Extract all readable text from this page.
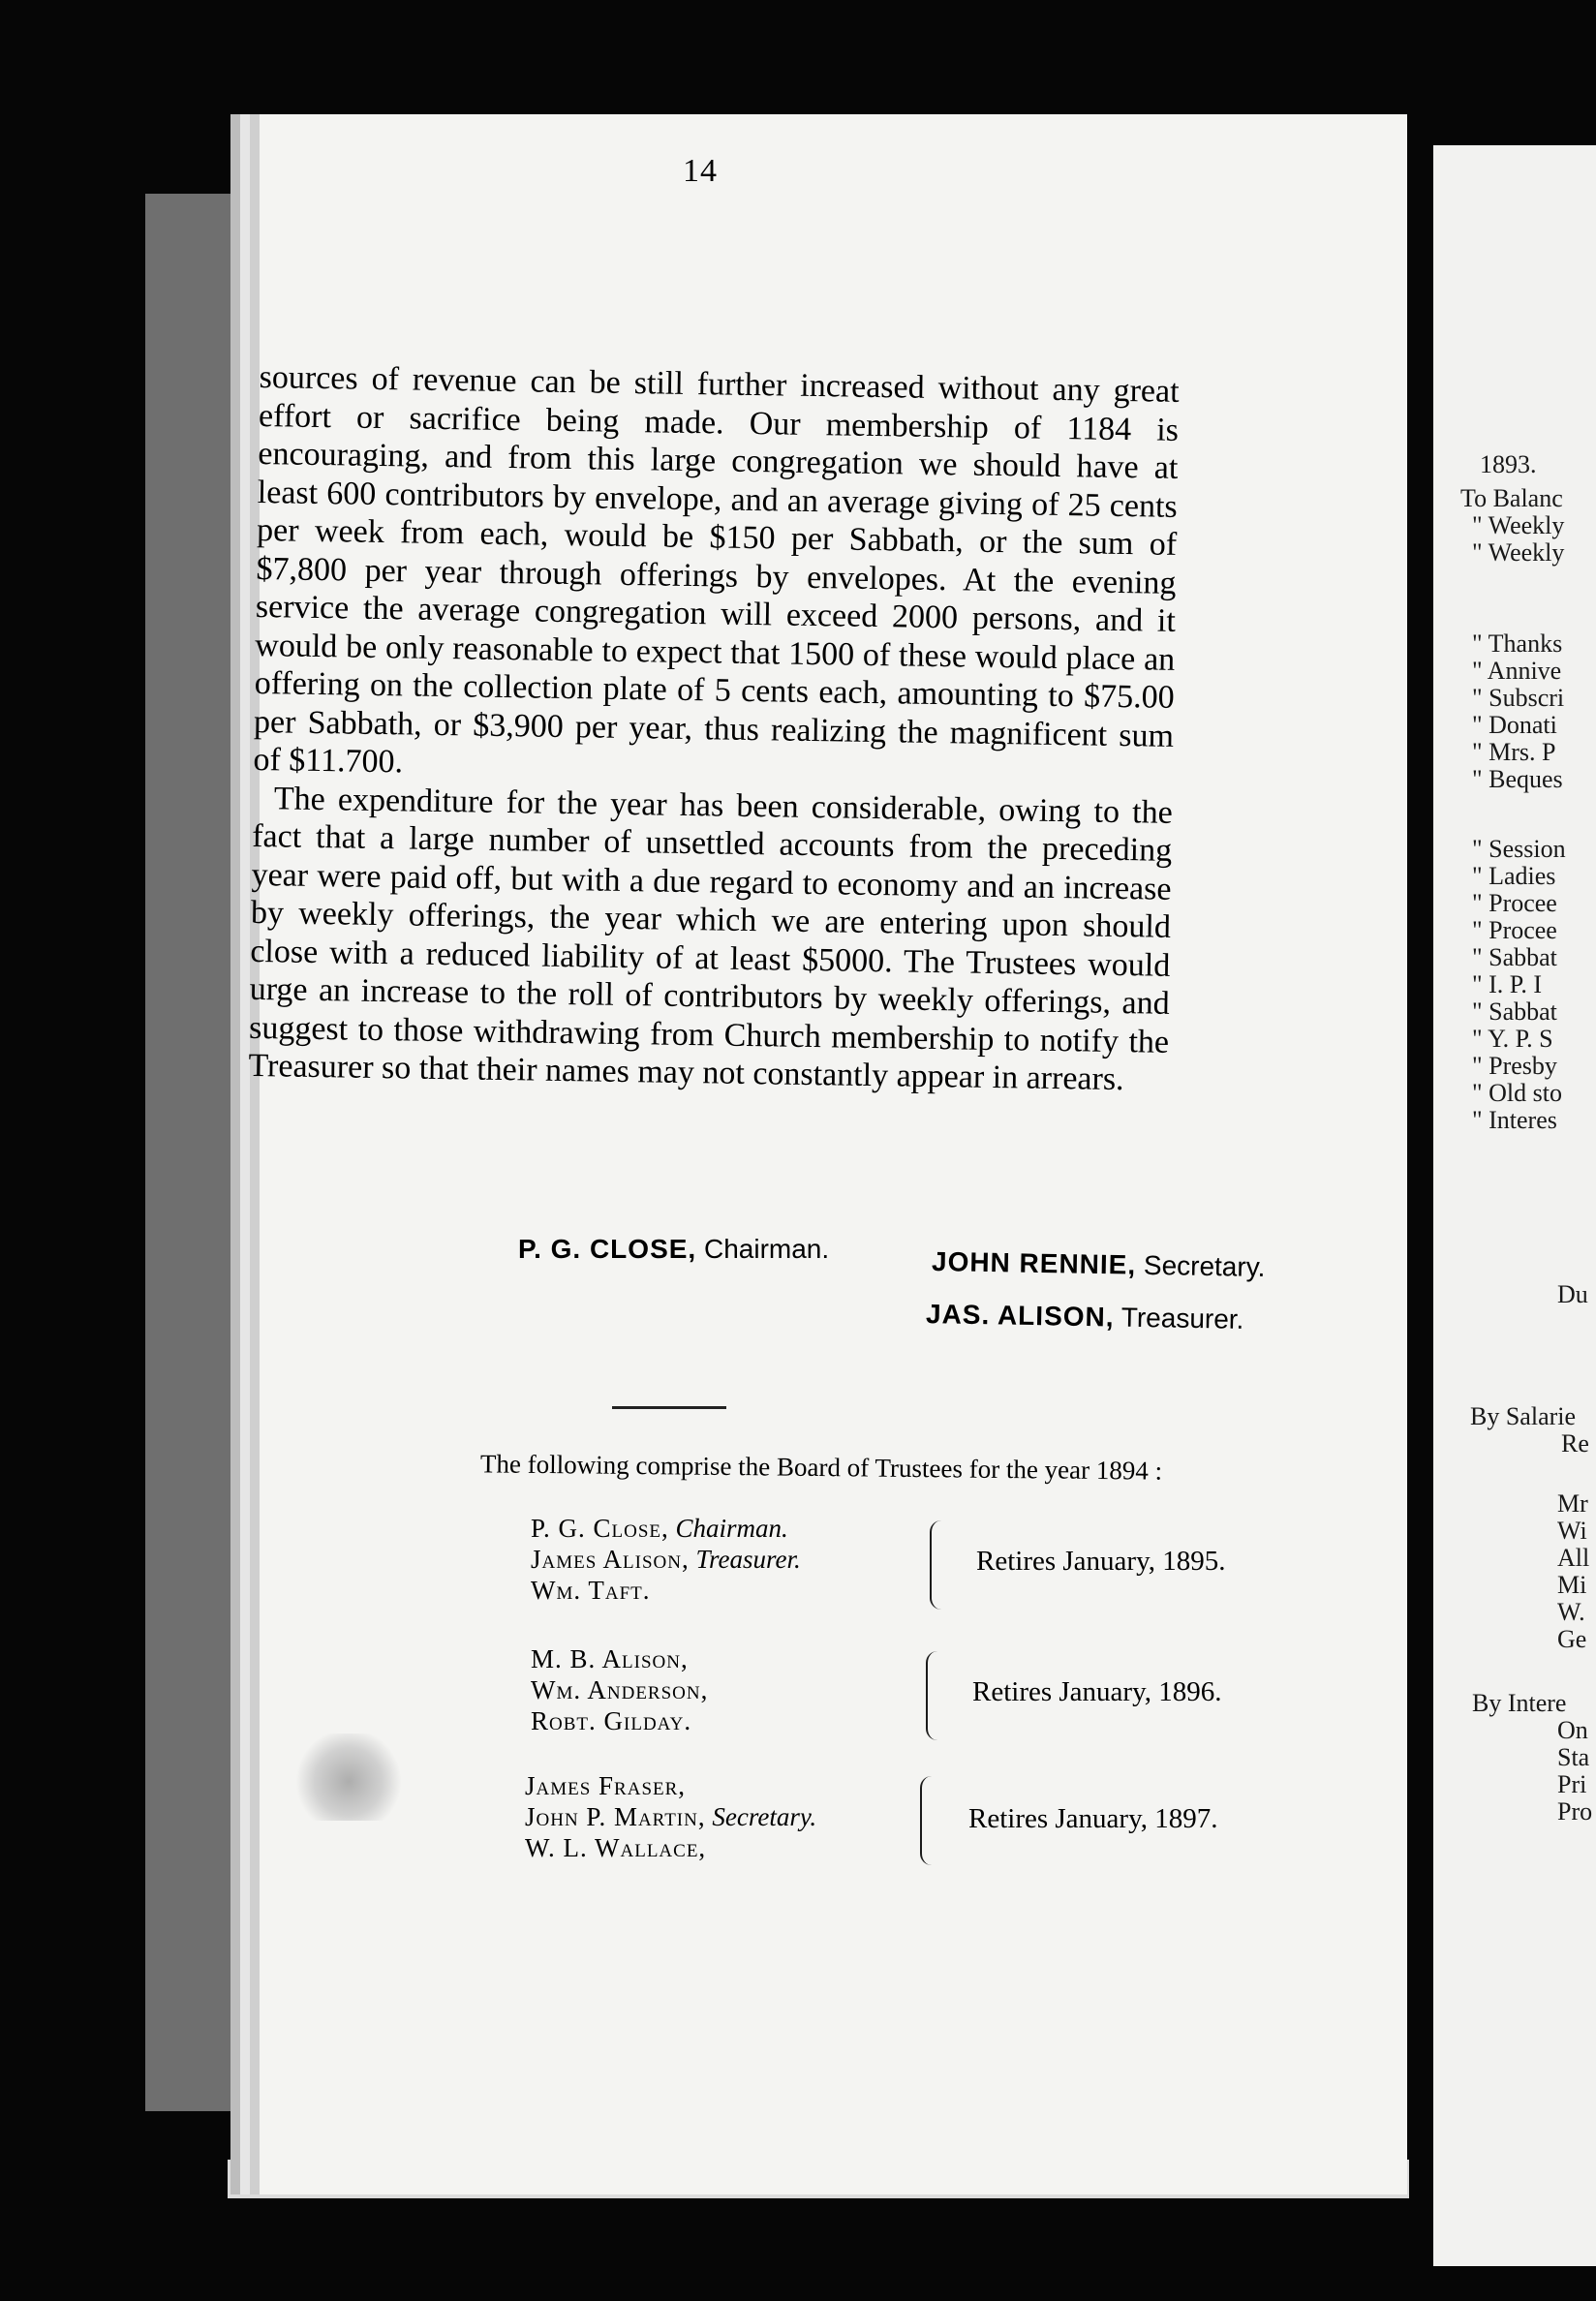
14

sources of revenue can be still further increased without any great effort or sacrifice being made. Our membership of 1184 is encouraging, and from this large congregation we should have at least 600 contributors by envelope, and an average giving of 25 cents per week from each, would be $150 per Sabbath, or the sum of $7,800 per year through offerings by envelopes. At the evening service the average congregation will exceed 2000 persons, and it would be only reasonable to expect that 1500 of these would place an offering on the collection plate of 5 cents each, amounting to $75.00 per Sabbath, or $3,900 per year, thus realizing the magnificent sum of $11.700.

The expenditure for the year has been considerable, owing to the fact that a large number of unsettled accounts from the preceding year were paid off, but with a due regard to economy and an increase by weekly offerings, the year which we are entering upon should close with a reduced liability of at least $5000. The Trustees would urge an increase to the roll of contributors by weekly offerings, and suggest to those withdrawing from Church membership to notify the Treasurer so that their names may not constantly appear in arrears.

P. G. CLOSE, Chairman.	JOHN RENNIE, Secretary.
JAS. ALISON, Treasurer.
The following comprise the Board of Trustees for the year 1894 :
P. G. Close, Chairman.
James Alison, Treasurer.
Wm. Taft.
Retires January, 1895.
M. B. Alison,
Wm. Anderson,
Robt. Gilday.
Retires January, 1896.
James Fraser,
John P. Martin, Secretary.
W. L. Wallace,
Retires January, 1897.
1893.
To Balanc
" Weekly
" Weekly
" Thanks
" Annive
" Subscri
" Donati
" Mrs. P
" Beques
" Session
" Ladies
" Procee
" Procee
" Sabbat
" I. P. I
" Sabbat
" Y. P. S
" Presby
" Old sto
" Interes
Du
By Salarie
Re
Mr
Wi
All
Mi
W.
Ge
By Intere
On
Sta
Pri
Pro
